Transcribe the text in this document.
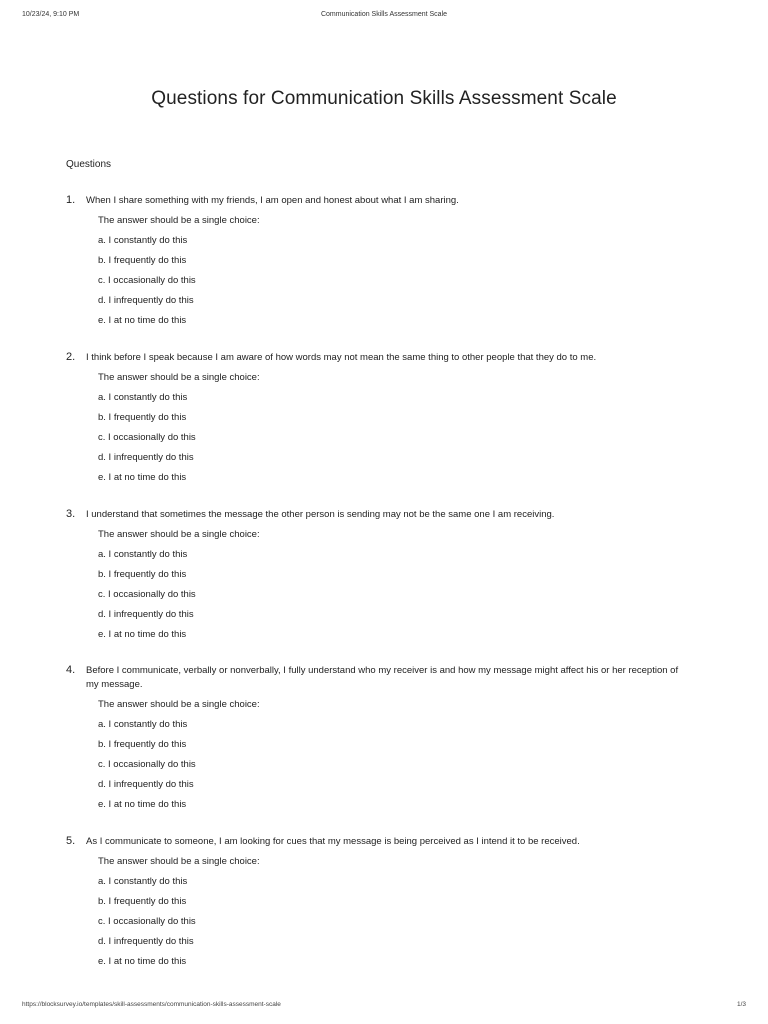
10/23/24, 9:10 PM	Communication Skills Assessment Scale
Questions for Communication Skills Assessment Scale
Questions
1. When I share something with my friends, I am open and honest about what I am sharing.
The answer should be a single choice:
a. I constantly do this
b. I frequently do this
c. I occasionally do this
d. I infrequently do this
e. I at no time do this
2. I think before I speak because I am aware of how words may not mean the same thing to other people that they do to me.
The answer should be a single choice:
a. I constantly do this
b. I frequently do this
c. I occasionally do this
d. I infrequently do this
e. I at no time do this
3. I understand that sometimes the message the other person is sending may not be the same one I am receiving.
The answer should be a single choice:
a. I constantly do this
b. I frequently do this
c. I occasionally do this
d. I infrequently do this
e. I at no time do this
4. Before I communicate, verbally or nonverbally, I fully understand who my receiver is and how my message might affect his or her reception of my message.
The answer should be a single choice:
a. I constantly do this
b. I frequently do this
c. I occasionally do this
d. I infrequently do this
e. I at no time do this
5. As I communicate to someone, I am looking for cues that my message is being perceived as I intend it to be received.
The answer should be a single choice:
a. I constantly do this
b. I frequently do this
c. I occasionally do this
d. I infrequently do this
e. I at no time do this
https://blocksurvey.io/templates/skill-assessments/communication-skills-assessment-scale	1/3
